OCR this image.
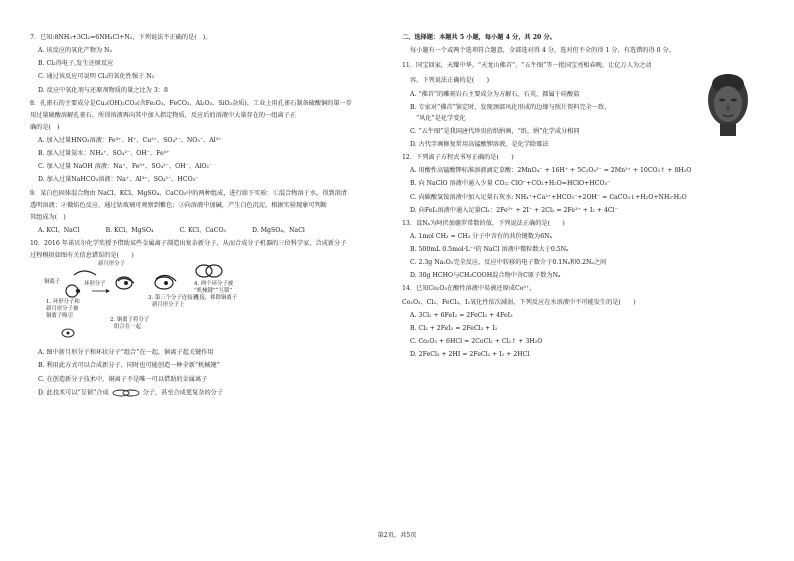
7．已知:8NH₃+3Cl₂=6NH₄Cl+N₂，下列说法不正确的是(　)。
A. 该反应的氧化产物为 N₂
B. Cl₂得电子,发生还原反应
C. 通过该反应可说明 Cl₂的氧化性强于 N₂
D. 反应中氧化剂与还原剂物质的量之比为 3：8
8．孔雀石的主要成分是Cu₂(OH)₂CO₃(含Fe₂O₃、FeCO₃、Al₂O₃、SiO₂杂质)，工业上用孔雀石制备硫酸铜的第一步
用过量硫酸溶解孔雀石，所得溶液再向其中加入指定物质，反应后的溶液中大量存在的一组离子正
确的是(　)
A. 加入过量HNO₃溶液：Fe³⁺、H⁺、Cu²⁺、SO₄²⁻、NO₃⁻、Al³⁺
B. 加入过量氨水：NH₄⁺、SO₄²⁻、OH⁻、Fe³⁺
C. 加入过量 NaOH 溶液：Na⁺、Fe³⁺、SO₄²⁻、OH⁻、AlO₂⁻
D. 加入过量NaHCO₃溶液：Na⁺、Al³⁺、SO₄²⁻、HCO₃⁻
9．某白色固体混合物由 NaCl、KCl、MgSO₄、CaCO₃中的两种组成，进行如下实验：①混合物溶于水，得到澄清
透明溶液；②做焰色反应，通过钴玻璃可观察到紫色；③向溶液中加碱，产生白色沉淀。根据实验现象可判断
其组成为(　)
A. KCl、NaCl	B. KCl、MgSO₄	C. KCl、CaCO₃	D. MgSO₄、NaCl
10．2016 年诺贝尔化学奖授予借助某些金属离子制造出复杂新分子，从而合成分子机器的三位科学家，合成新分子
过程模拟如图有关信息错误的是(　　)
新月形分子
铜离子	环形分子
1. 环形分子和
新月形分子被
铜离子吸引
2. 铜离子将分子
组合在一起
3. 第三个分子连接到
新月形分子上
4. 两个环分子被
“机械键”“互锁”
连接，移除铜离子
A. 图中新月形分子和环状分子“组合”在一起，铜离子起关键作用
B. 利用此方式可以合成新分子，同时也可能创造一种全新“机械键”
C. 在创造新分子技术中，铜离子不是唯一可以借助的金属离子
D. 此技术可以“互锁”合成	分子，甚至合成更复杂的分子
二、选择题：本题共 5 小题，每小题 4 分，共 20 分。
每小题有一个或两个选项符合题意，全部选对得 4 分，选对但不全的得 1 分，有选错的得 0 分。
11．国宝回家，天耀中华。“天龙山佛首”、“五牛图”等一批国宝亮相春晚，让亿万人为之动
容。下列说法正确的是(　　)
A. “佛首”的雕刻岩石主要成分为方解石、石英，都属于硅酸盐
B. 专家对“佛首”鉴定时，发现颈部风化形成的边缘与照片资料完全一致，
“风化”是化学变化
C. “五牛图”是我国唐代珍贵的纸绢画，“纸、绢”化学成分相同
D. 古代字画修复常用高锰酸钾溶液，是化学除霉法
12．下列离子方程式书写正确的是(　　)
A. 用酸性高锰酸钾标准溶液滴定草酸：2MnO₄⁻ + 16H⁺ + 5C₂O₄²⁻ = 2Mn²⁺ + 10CO₂↑ + 8H₂O
B. 向 NaClO 溶液中通入少量 CO₂: ClO⁻+CO₂+H₂O=HClO+HCO₃⁻
C. 向碳酸氢铵溶液中加入足量石灰水: NH₄⁺+Ca²⁺+HCO₃⁻+2OH⁻ = CaCO₃↓+H₂O+NH₃·H₂O
D. 向FeI₂溶液中通入足量Cl₂：2Fe²⁺ + 2I⁻ + 2Cl₂ = 2Fe³⁺ + I₂ + 4Cl⁻
13．设Nₐ为阿伏加德罗常数的值，下列说法正确的是(　　)
A. 1mol CH₃ = CH₃ 分子中含有的共价键数为6Nₐ
B. 500mL 0.5mol·L⁻¹的 NaCl 溶液中微粒数大于0.5Nₐ
C. 2.3g Na₂O₂完全反应，反应中转移的电子数介于0.1Nₐ和0.2Nₐ之间
D. 30g HCHO与CH₃COOH混合物中含C原子数为Nₐ
14．已知Co₂O₃在酸性溶液中易被还原成Co²⁺，
Co₂O₃、Cl₂、FeCl₃、I₂氧化性依次减弱，下列反应在水溶液中不可能发生的是(　　)
A. 3Cl₂ + 6FeI₂ = 2FeCl₃ + 4FeI₃
B. Cl₂ + 2FeI₂ = 2FeCl₃ + I₂
C. Co₂O₃ + 6HCl = 2CoCl₂ + Cl₂↑ + 3H₂O
D. 2FeCl₃ + 2HI = 2FeCl₂ + I₂ + 2HCl
第2页，共5页
